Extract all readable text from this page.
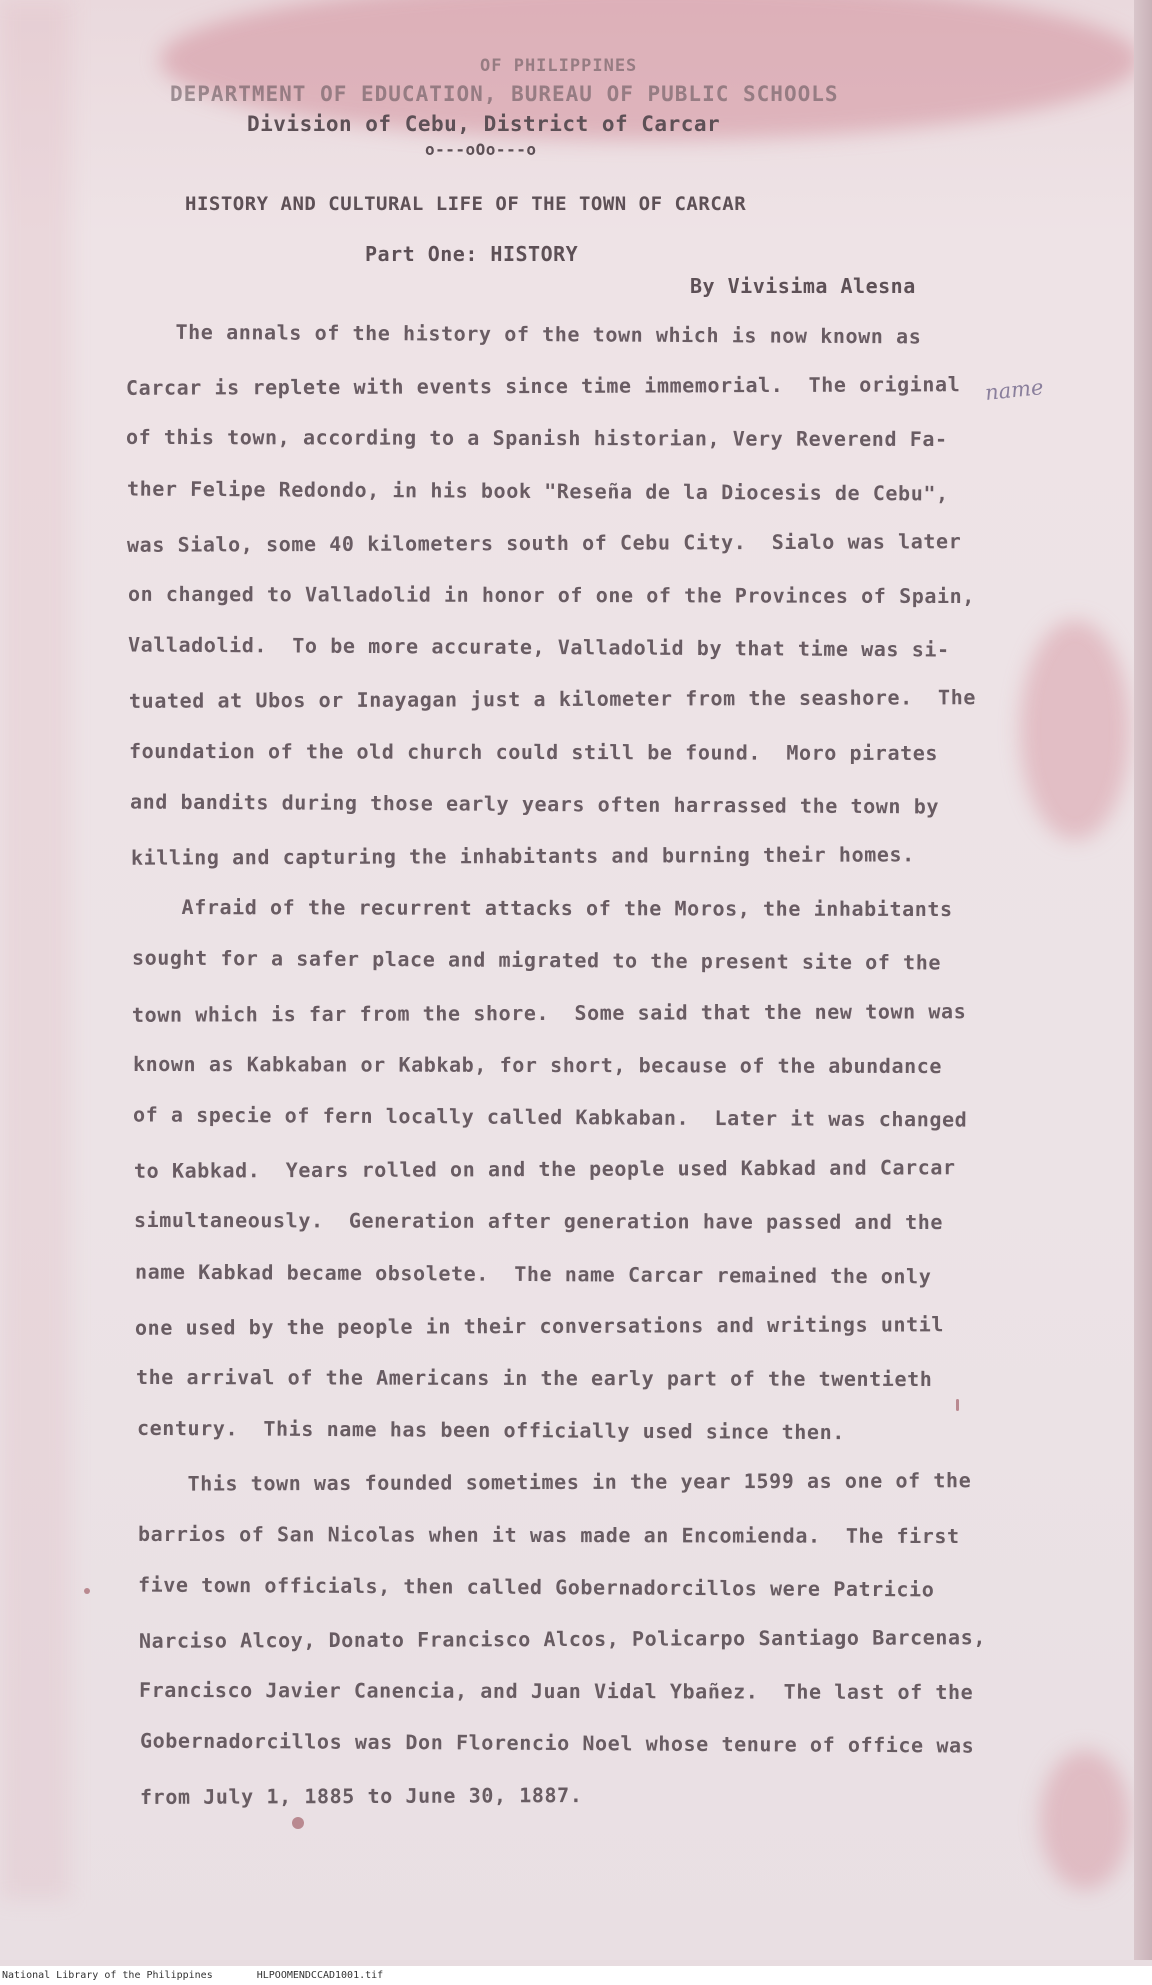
OF PHILIPPINES
DEPARTMENT OF EDUCATION, BUREAU OF PUBLIC SCHOOLS
Division of Cebu, District of Carcar
o---oOo---o
HISTORY AND CULTURAL LIFE OF THE TOWN OF CARCAR
Part One: HISTORY
By Vivisima Alesna
name
The annals of the history of the town which is now known as
Carcar is replete with events since time immemorial.  The original
of this town, according to a Spanish historian, Very Reverend Fa-
ther Felipe Redondo, in his book "Reseña de la Diocesis de Cebu",
was Sialo, some 40 kilometers south of Cebu City.  Sialo was later
on changed to Valladolid in honor of one of the Provinces of Spain,
Valladolid.  To be more accurate, Valladolid by that time was si-
tuated at Ubos or Inayagan just a kilometer from the seashore.  The
foundation of the old church could still be found.  Moro pirates
and bandits during those early years often harrassed the town by
killing and capturing the inhabitants and burning their homes.
Afraid of the recurrent attacks of the Moros, the inhabitants
sought for a safer place and migrated to the present site of the
town which is far from the shore.  Some said that the new town was
known as Kabkaban or Kabkab, for short, because of the abundance
of a specie of fern locally called Kabkaban.  Later it was changed
to Kabkad.  Years rolled on and the people used Kabkad and Carcar
simultaneously.  Generation after generation have passed and the
name Kabkad became obsolete.  The name Carcar remained the only
one used by the people in their conversations and writings until
the arrival of the Americans in the early part of the twentieth
century.  This name has been officially used since then.
This town was founded sometimes in the year 1599 as one of the
barrios of San Nicolas when it was made an Encomienda.  The first
five town officials, then called Gobernadorcillos were Patricio
Narciso Alcoy, Donato Francisco Alcos, Policarpo Santiago Barcenas,
Francisco Javier Canencia, and Juan Vidal Ybañez.  The last of the
Gobernadorcillos was Don Florencio Noel whose tenure of office was
from July 1, 1885 to June 30, 1887.
National Library of the Philippines	HLPOOMENDCCAD1001.tif
